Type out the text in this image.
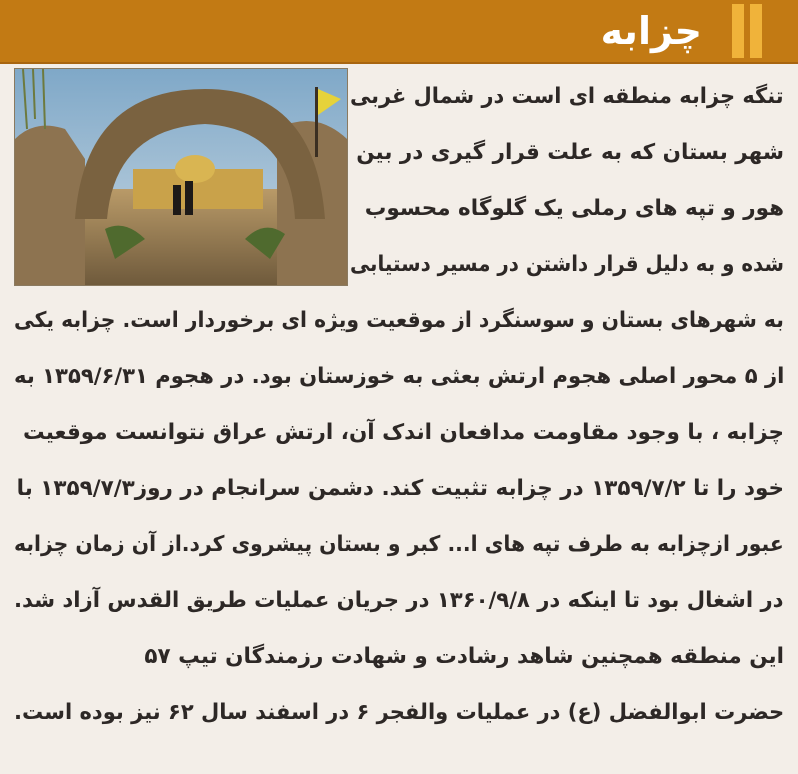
چزابه
تنگه چزابه منطقه ای است در شمال غربی
شهر بستان که به علت قرار گیری در بین
هور و تپه های رملی یک گلوگاه محسوب
شده و به دلیل قرار داشتن در مسیر دستیابی
به شهرهای بستان و سوسنگرد از موقعیت ویژه ای برخوردار است. چزابه یکی
از ۵ محور اصلی هجوم ارتش بعثی به خوزستان بود. در هجوم ۱۳۵۹/۶/۳۱ به
چزابه ، با وجود مقاومت مدافعان اندک آن، ارتش عراق نتوانست موقعیت
خود را تا ۱۳۵۹/۷/۲ در چزابه تثبیت کند. دشمن سرانجام در روز۱۳۵۹/۷/۳ با
عبور ازچزابه به طرف تپه های ا... کبر و بستان پیشروی کرد.از آن زمان چزابه
در اشغال بود تا اینکه در ۱۳۶۰/۹/۸ در جریان عملیات طریق القدس آزاد شد.
این منطقه همچنین شاهد رشادت و شهادت رزمندگان تیپ ۵۷
حضرت ابوالفضل (ع) در عملیات والفجر ۶ در اسفند سال ۶۲ نیز بوده است.
